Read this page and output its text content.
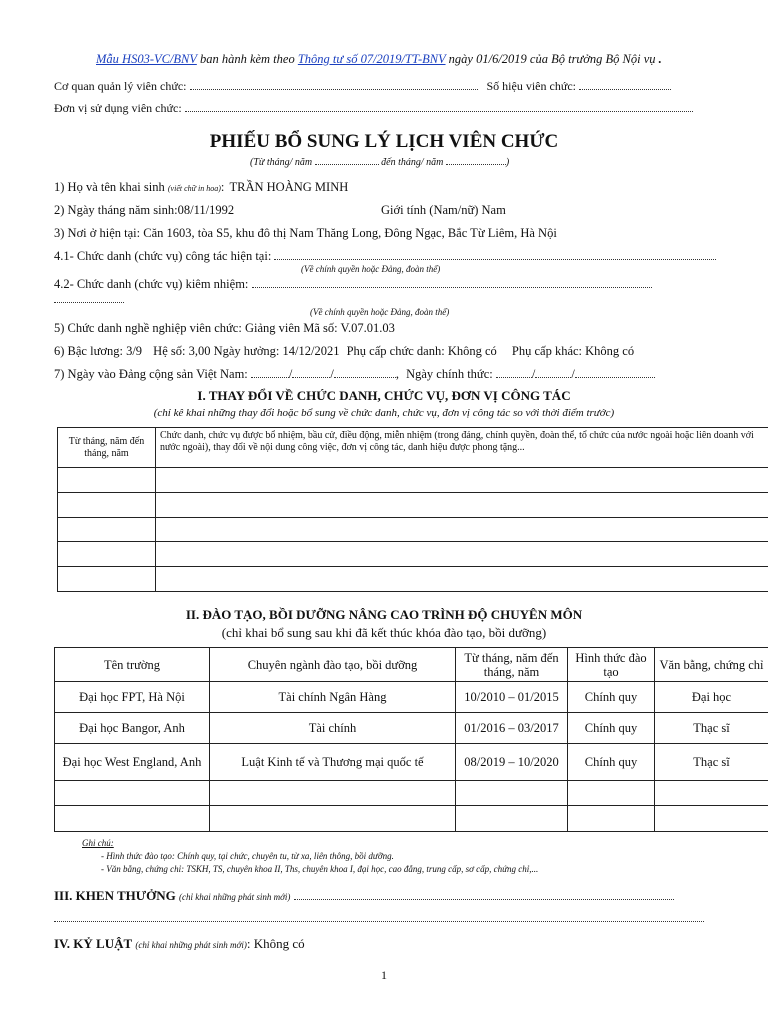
Mẫu HS03-VC/BNV ban hành kèm theo Thông tư số 07/2019/TT-BNV ngày 01/6/2019 của Bộ trưởng Bộ Nội vụ .
Cơ quan quản lý viên chức:	Số hiệu viên chức:
Đơn vị sử dụng viên chức:
PHIẾU BỔ SUNG LÝ LỊCH VIÊN CHỨC
(Từ tháng/ năm	đến tháng/ năm	)
1) Họ và tên khai sinh (viết chữ in hoa): TRẦN HOÀNG MINH
2) Ngày tháng năm sinh:08/11/1992	Giới tính (Nam/nữ) Nam
3) Nơi ở hiện tại: Căn 1603, tòa S5, khu đô thị Nam Thăng Long, Đông Ngạc, Bắc Từ Liêm, Hà Nội
4.1- Chức danh (chức vụ) công tác hiện tại:
(Về chính quyền hoặc Đảng, đoàn thể)
4.2- Chức danh (chức vụ) kiêm nhiệm:
(Về chính quyền hoặc Đảng, đoàn thể)
5) Chức danh nghề nghiệp viên chức: Giảng viên Mã số: V.07.01.03
6) Bậc lương: 3/9 Hệ số: 3,00 Ngày hưởng: 14/12/2021 Phụ cấp chức danh: Không có Phụ cấp khác: Không có
7) Ngày vào Đảng cộng sản Việt Nam:	/	/	, Ngày chính thức:	/	/
I. THAY ĐỔI VỀ CHỨC DANH, CHỨC VỤ, ĐƠN VỊ CÔNG TÁC
(chỉ kê khai những thay đổi hoặc bổ sung về chức danh, chức vụ, đơn vị công tác so với thời điểm trước)
Từ tháng, năm đến tháng, năm	Chức danh, chức vụ được bổ nhiệm, bầu cử, điều động, miễn nhiệm (trong đảng, chính quyền, đoàn thể, tổ chức của nước ngoài hoặc liên doanh với nước ngoài), thay đổi về nội dung công việc, đơn vị công tác, danh hiệu được phong tặng...

II. ĐÀO TẠO, BỒI DƯỠNG NÂNG CAO TRÌNH ĐỘ CHUYÊN MÔN
(chỉ khai bổ sung sau khi đã kết thúc khóa đào tạo, bồi dưỡng)
Tên trường	Chuyên ngành đào tạo, bồi dưỡng	Từ tháng, năm đến tháng, năm	Hình thức đào tạo	Văn bằng, chứng chỉ
Đại học FPT, Hà Nội	Tài chính Ngân Hàng	10/2010 – 01/2015	Chính quy	Đại học
Đại học Bangor, Anh	Tài chính	01/2016 – 03/2017	Chính quy	Thạc sĩ
Đại học West England, Anh	Luật Kinh tế và Thương mại quốc tế	08/2019 – 10/2020	Chính quy	Thạc sĩ

Ghi chú:
- Hình thức đào tạo: Chính quy, tại chức, chuyên tu, từ xa, liên thông, bồi dưỡng.
- Văn bằng, chứng chỉ: TSKH, TS, chuyên khoa II, Ths, chuyên khoa I, đại học, cao đẳng, trung cấp, sơ cấp, chứng chỉ,...
III. KHEN THƯỞNG (chỉ khai những phát sinh mới)
IV. KỶ LUẬT (chỉ khai những phát sinh mới): Không có
1
